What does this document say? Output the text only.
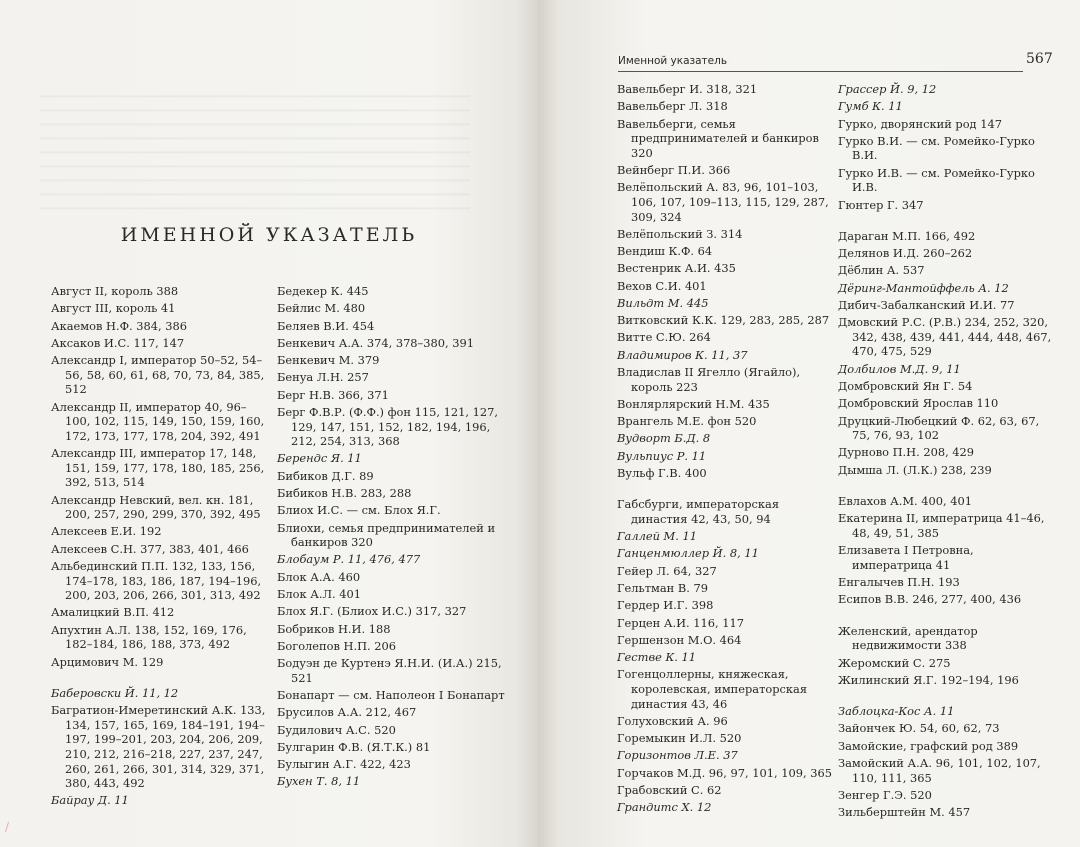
ИМЕННОЙ УКАЗАТЕЛЬ
Август II, король 388
Август III, король 41
Акаемов Н.Ф. 384, 386
Аксаков И.С. 117, 147
Александр I, император 50–52, 54–56, 58, 60, 61, 68, 70, 73, 84, 385, 512
Александр II, император 40, 96–100, 102, 115, 149, 150, 159, 160, 172, 173, 177, 178, 204, 392, 491
Александр III, император 17, 148, 151, 159, 177, 178, 180, 185, 256, 392, 513, 514
Александр Невский, вел. кн. 181, 200, 257, 290, 299, 370, 392, 495
Алексеев Е.И. 192
Алексеев С.Н. 377, 383, 401, 466
Альбединский П.П. 132, 133, 156, 174–178, 183, 186, 187, 194–196, 200, 203, 206, 266, 301, 313, 492
Амалицкий В.П. 412
Апухтин А.Л. 138, 152, 169, 176, 182–184, 186, 188, 373, 492
Арцимович М. 129
Баберовски Й. 11, 12
Багратион-Имеретинский А.К. 133, 134, 157, 165, 169, 184–191, 194–197, 199–201, 203, 204, 206, 209, 210, 212, 216–218, 227, 237, 247, 260, 261, 266, 301, 314, 329, 371, 380, 443, 492
Байрау Д. 11
Бедекер К. 445
Бейлис М. 480
Беляев В.И. 454
Бенкевич А.А. 374, 378–380, 391
Бенкевич М. 379
Бенуа Л.Н. 257
Берг Н.В. 366, 371
Берг Ф.В.Р. (Ф.Ф.) фон 115, 121, 127, 129, 147, 151, 152, 182, 194, 196, 212, 254, 313, 368
Берендс Я. 11
Бибиков Д.Г. 89
Бибиков Н.В. 283, 288
Блиох И.С. — см. Блох Я.Г.
Блиохи, семья предпринимателей и банкиров 320
Блобаум Р. 11, 476, 477
Блок А.А. 460
Блок А.Л. 401
Блох Я.Г. (Блиох И.С.) 317, 327
Бобриков Н.И. 188
Боголепов Н.П. 206
Бодуэн де Куртенэ Я.Н.И. (И.А.) 215, 521
Бонапарт — см. Наполеон I Бонапарт
Брусилов А.А. 212, 467
Будилович А.С. 520
Булгарин Ф.В. (Я.Т.К.) 81
Булыгин А.Г. 422, 423
Бухен Т. 8, 11
/
Именной указатель	567
Вавельберг И. 318, 321
Вавельберг Л. 318
Вавельберги, семья предпринимателей и банкиров 320
Вейнберг П.И. 366
Велёпольский А. 83, 96, 101–103, 106, 107, 109–113, 115, 129, 287, 309, 324
Велёпольский З. 314
Вендиш К.Ф. 64
Вестенрик А.И. 435
Вехов С.И. 401
Вильдт М. 445
Витковский К.К. 129, 283, 285, 287
Витте С.Ю. 264
Владимиров К. 11, 37
Владислав II Ягелло (Ягайло), король 223
Вонлярлярский Н.М. 435
Врангель М.Е. фон 520
Вудворт Б.Д. 8
Вульпиус Р. 11
Вульф Г.В. 400
Габсбурги, императорская династия 42, 43, 50, 94
Галлей М. 11
Ганценмюллер Й. 8, 11
Гейер Л. 64, 327
Гельтман В. 79
Гердер И.Г. 398
Герцен А.И. 116, 117
Гершензон М.О. 464
Гестве К. 11
Гогенцоллерны, княжеская, королевская, императорская династия 43, 46
Голуховский А. 96
Горемыкин И.Л. 520
Горизонтов Л.Е. 37
Горчаков М.Д. 96, 97, 101, 109, 365
Грабовский С. 62
Грандитс Х. 12
Грассер Й. 9, 12
Гумб К. 11
Гурко, дворянский род 147
Гурко В.И. — см. Ромейко-Гурко В.И.
Гурко И.В. — см. Ромейко-Гурко И.В.
Гюнтер Г. 347
Дараган М.П. 166, 492
Делянов И.Д. 260–262
Дёблин А. 537
Дёринг-Мантойффель А. 12
Дибич-Забалканский И.И. 77
Дмовский Р.С. (Р.В.) 234, 252, 320, 342, 438, 439, 441, 444, 448, 467, 470, 475, 529
Долбилов М.Д. 9, 11
Домбровский Ян Г. 54
Домбровский Ярослав 110
Друцкий-Любецкий Ф. 62, 63, 67, 75, 76, 93, 102
Дурново П.Н. 208, 429
Дымша Л. (Л.К.) 238, 239
Евлахов А.М. 400, 401
Екатерина II, императрица 41–46, 48, 49, 51, 385
Елизавета I Петровна, императрица 41
Енгалычев П.Н. 193
Есипов В.В. 246, 277, 400, 436
Желенский, арендатор недвижимости 338
Жеромский С. 275
Жилинский Я.Г. 192–194, 196
Заблоцка-Кос А. 11
Зайончек Ю. 54, 60, 62, 73
Замойские, графский род 389
Замойский А.А. 96, 101, 102, 107, 110, 111, 365
Зенгер Г.Э. 520
Зильберштейн М. 457
